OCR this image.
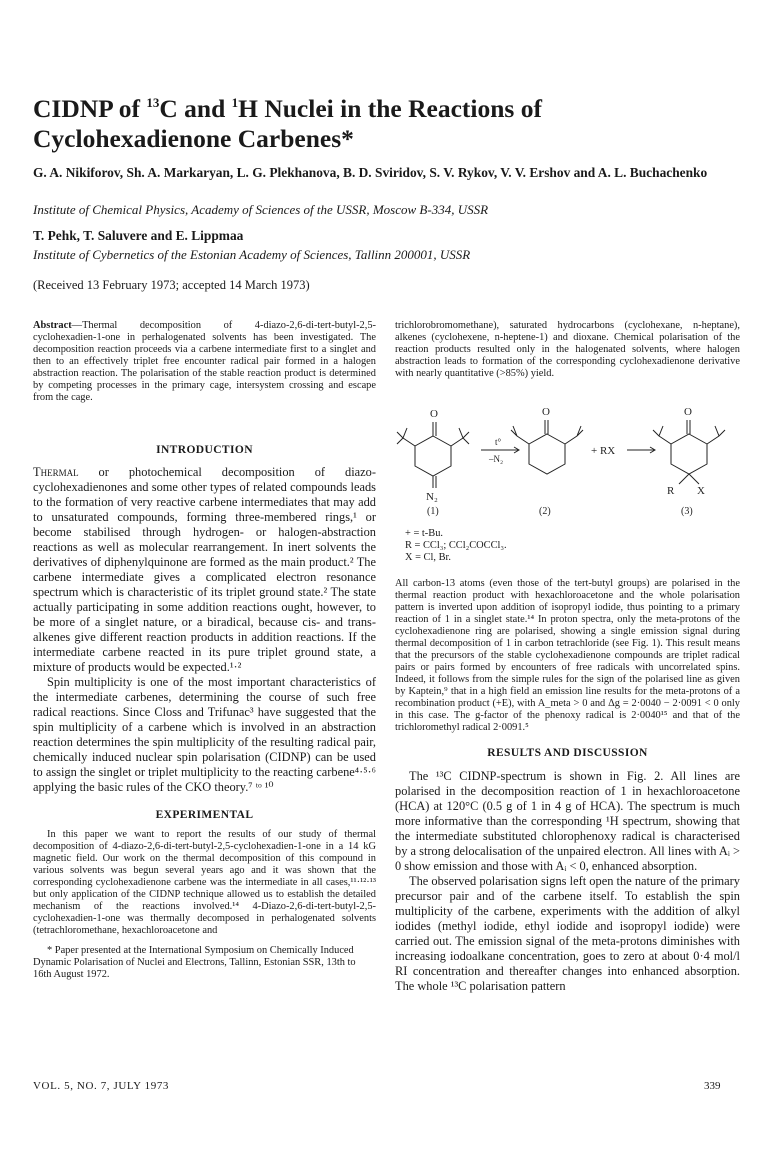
CIDNP of $^{13}$C and $^1$H Nuclei in the Reactions of
Cyclohexadienone Carbenes*
G. A. Nikiforov, Sh. A. Markaryan, L. G. Plekhanova, B. D. Sviridov, S. V. Rykov, V. V. Ershov and A. L. Buchachenko
Institute of Chemical Physics, Academy of Sciences of the USSR, Moscow B-334, USSR
T. Pehk, T. Saluvere and E. Lippmaa
Institute of Cybernetics of the Estonian Academy of Sciences, Tallinn 200001, USSR
(Received 13 February 1973; accepted 14 March 1973)
Abstract—Thermal decomposition of 4-diazo-2,6-di-tert-butyl-2,5-cyclohexadien-1-one in perhalogenated solvents has been investigated. The decomposition reaction proceeds via a carbene intermediate first to a singlet and then to an effectively triplet free encounter radical pair formed in a halogen abstraction reaction. The polarisation of the stable reaction product is determined by competing processes in the primary cage, intersystem crossing and escape from the cage.
INTRODUCTION
Thermal or photochemical decomposition of diazo-cyclohexadienones and some other types of related compounds leads to the formation of very reactive carbene intermediates that may add to unsaturated compounds, forming three-membered rings,¹ or become stabilised through hydrogen- or halogen-abstraction reactions as well as molecular rearrangement. In inert solvents the derivatives of diphenylquinone are formed as the main product.² The carbene intermediate gives a complicated electron resonance spectrum which is characteristic of its triplet ground state.² The state actually participating in some addition reactions ought, however, to be more of a singlet nature, or a biradical, because cis- and trans-alkenes give different reaction products in addition reactions. If the intermediate carbene reacted in its pure triplet ground state, a mixture of products would be expected.¹·²
Spin multiplicity is one of the most important characteristics of the intermediate carbenes, determining the course of such free radical reactions. Since Closs and Trifunac³ have suggested that the spin multiplicity of a carbene which is involved in an abstraction reaction determines the spin multiplicity of the resulting radical pair, chemically induced nuclear spin polarisation (CIDNP) can be used to assign the singlet or triplet multiplicity to the reacting carbene⁴·⁵·⁶ applying the basic rules of the CKO theory.⁷ ᵗᵒ ¹⁰
EXPERIMENTAL
In this paper we want to report the results of our study of thermal decomposition of 4-diazo-2,6-di-tert-butyl-2,5-cyclohexadien-1-one in a 14 kG magnetic field. Our work on the thermal decomposition of this compound in various solvents was begun several years ago and it was shown that the corresponding cyclohexadienone carbene was the intermediate in all cases,¹¹·¹²·¹³ but only application of the CIDNP technique allowed us to establish the detailed mechanism of the reactions involved.¹⁴ 4-Diazo-2,6-di-tert-butyl-2,5-cyclohexadien-1-one was thermally decomposed in perhalogenated solvents (tetrachloromethane, hexachloroacetone and
* Paper presented at the International Symposium on Chemically Induced Dynamic Polarisation of Nuclei and Electrons, Tallinn, Estonian SSR, 13th to 16th August 1972.
trichlorobromomethane), saturated hydrocarbons (cyclohexane, n-heptane), alkenes (cyclohexene, n-heptene-1) and dioxane. Chemical polarisation of the reaction products resulted only in the halogenated solvents, where halogen abstraction leads to formation of the corresponding cyclohexadienone derivative with nearly quantitative (>85%) yield.
O	O	O
N₂
t°
–N₂
+ RX
R X
(1)	(2)	(3)
+ = t-Bu.
R = CCl₃; CCl₂COCCl₃.
X = Cl, Br.
All carbon-13 atoms (even those of the tert-butyl groups) are polarised in the thermal reaction product with hexachloroacetone and the whole polarisation pattern is inverted upon addition of isopropyl iodide, thus pointing to a primary reaction of 1 in a singlet state.¹⁴ In proton spectra, only the meta-protons of the cyclohexadienone ring are polarised, showing a single emission signal during thermal decomposition of 1 in carbon tetrachloride (see Fig. 1). This result means that the precursors of the stable cyclohexadienone compounds are triplet radical pairs or pairs formed by encounters of free radicals with uncorrelated spins. Indeed, it follows from the simple rules for the sign of the polarised line as given by Kaptein,⁹ that in a high field an emission line results for the meta-protons of a recombination product (+E), with A_meta > 0 and Δg = 2·0040 − 2·0091 < 0 only in this case. The g-factor of the phenoxy radical is 2·0040¹⁵ and that of the trichloromethyl radical 2·0091.⁵
RESULTS AND DISCUSSION
The ¹³C CIDNP-spectrum is shown in Fig. 2. All lines are polarised in the decomposition reaction of 1 in hexachloroacetone (HCA) at 120°C (0.5 g of 1 in 4 g of HCA). The spectrum is much more informative than the corresponding ¹H spectrum, showing that the intermediate substituted chlorophenoxy radical is characterised by a strong delocalisation of the unpaired electron. All lines with Aᵢ > 0 show emission and those with Aᵢ < 0, enhanced absorption.
The observed polarisation signs left open the nature of the primary precursor pair and of the carbene itself. To establish the spin multiplicity of the carbene, experiments with the addition of alkyl iodides (methyl iodide, ethyl iodide and isopropyl iodide) were carried out. The emission signal of the meta-protons diminishes with increasing iodoalkane concentration, goes to zero at about 0·4 mol/l RI concentration and thereafter changes into enhanced absorption. The whole ¹³C polarisation pattern
VOL. 5, NO. 7, JULY 1973	339
